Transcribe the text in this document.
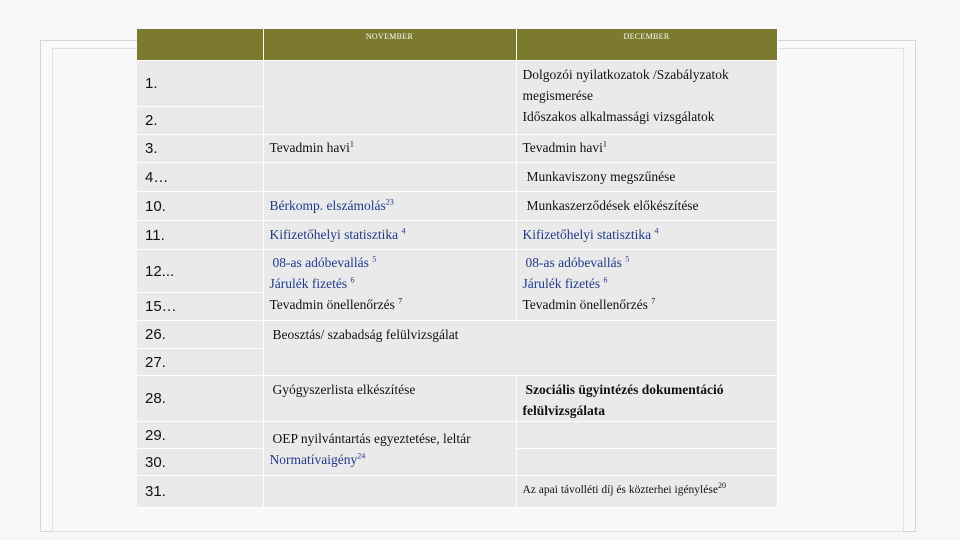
	NOVEMBER	DECEMBER
1.		Dolgozói nyilatkozatok /Szabályzatok
megismerése
Időszakos alkalmassági vizsgálatok

2.		
3.	Tevadmin havi$^1$	Tevadmin havi$^1$

4…		Munkaviszony megszűnése

10.	Bérkomp. elszámolás$^{23}$	Munkaszerződések előkészítése

11.	Kifizetőhelyi statisztika $^4$	Kifizetőhelyi statisztika $^4$

12...	08-as adóbevallás $^5$
Járulék fizetés $^6$
Tevadmin önellenőrzés $^7$	08-as adóbevallás $^5$
Járulék fizetés $^6$
Tevadmin önellenőrzés $^7$

15…		
26.	Beosztás/ szabadság felülvizsgálat	

27.		
28.	Gyógyszerlista elkészítése	Szociális ügyintézés dokumentáció
felülvizsgálata

29.	OEP nyilvántartás egyeztetése, leltár
Normatívaigény$^{24}$

30.		
31.		Az apai távolléti díj és közterhei igénylése$^{20}$
